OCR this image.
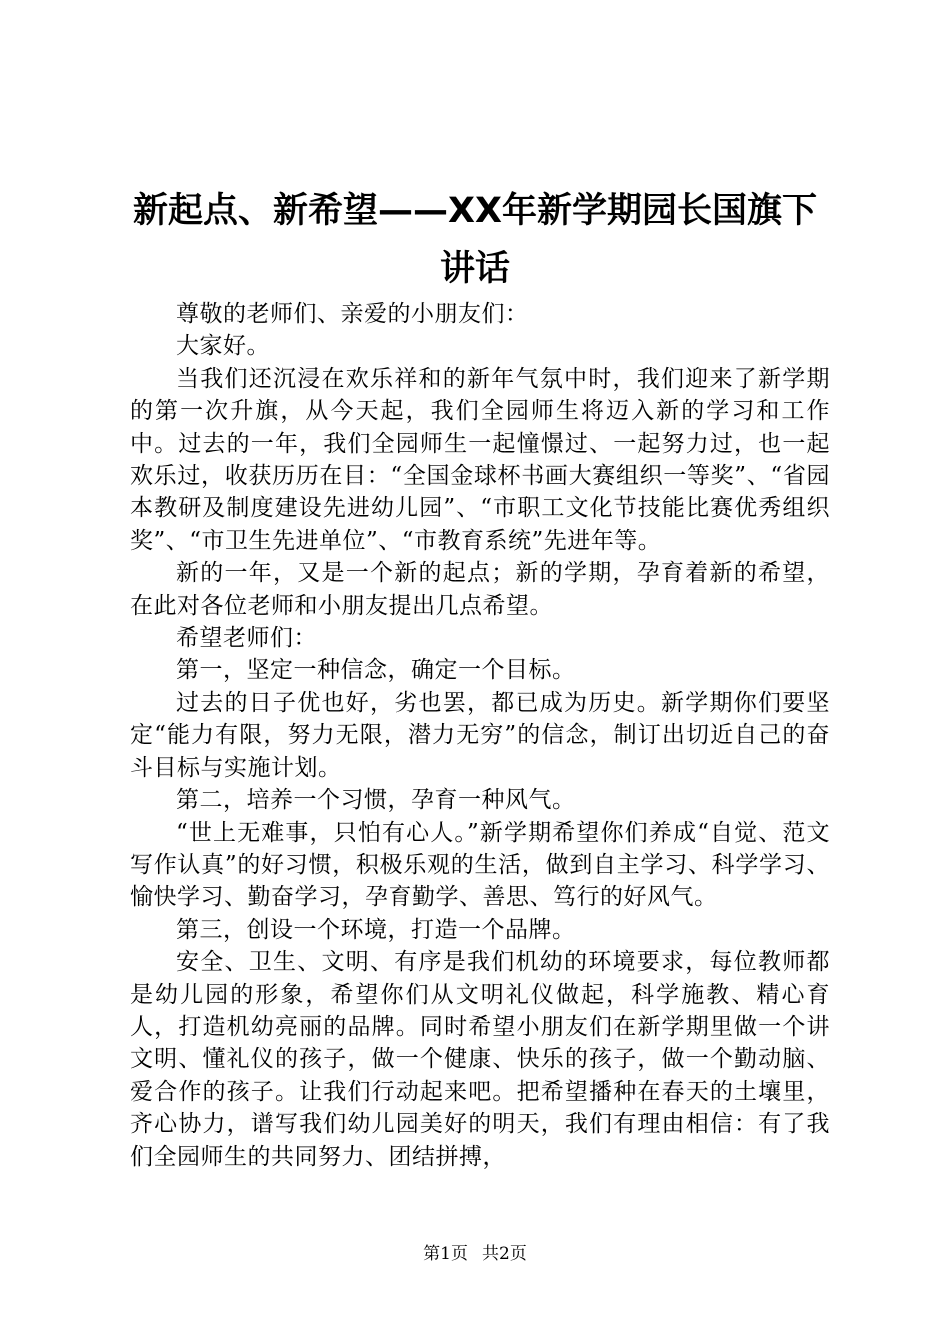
新起点、新希望——XX年新学期园长国旗下讲话

尊敬的老师们、亲爱的小朋友们：

大家好。

当我们还沉浸在欢乐祥和的新年气氛中时，我们迎来了新学期的第一次升旗，从今天起，我们全园师生将迈入新的学习和工作中。过去的一年，我们全园师生一起憧憬过、一起努力过，也一起欢乐过，收获历历在目：“全国金球杯书画大赛组织一等奖”、“省园本教研及制度建设先进幼儿园”、“市职工文化节技能比赛优秀组织奖”、“市卫生先进单位”、“市教育系统”先进年等。

新的一年，又是一个新的起点；新的学期，孕育着新的希望，在此对各位老师和小朋友提出几点希望。

希望老师们：

第一，坚定一种信念，确定一个目标。

过去的日子优也好，劣也罢，都已成为历史。新学期你们要坚定“能力有限，努力无限，潜力无穷”的信念，制订出切近自己的奋斗目标与实施计划。

第二，培养一个习惯，孕育一种风气。

“世上无难事，只怕有心人。”新学期希望你们养成“自觉、范文写作认真”的好习惯，积极乐观的生活，做到自主学习、科学学习、愉快学习、勤奋学习，孕育勤学、善思、笃行的好风气。

第三，创设一个环境，打造一个品牌。

安全、卫生、文明、有序是我们机幼的环境要求，每位教师都是幼儿园的形象，希望你们从文明礼仪做起，科学施教、精心育人，打造机幼亮丽的品牌。同时希望小朋友们在新学期里做一个讲文明、懂礼仪的孩子，做一个健康、快乐的孩子，做一个勤动脑、爱合作的孩子。让我们行动起来吧。把希望播种在春天的土壤里，齐心协力，谱写我们幼儿园美好的明天，我们有理由相信：有了我们全园师生的共同努力、团结拼搏，

第1页 共2页
